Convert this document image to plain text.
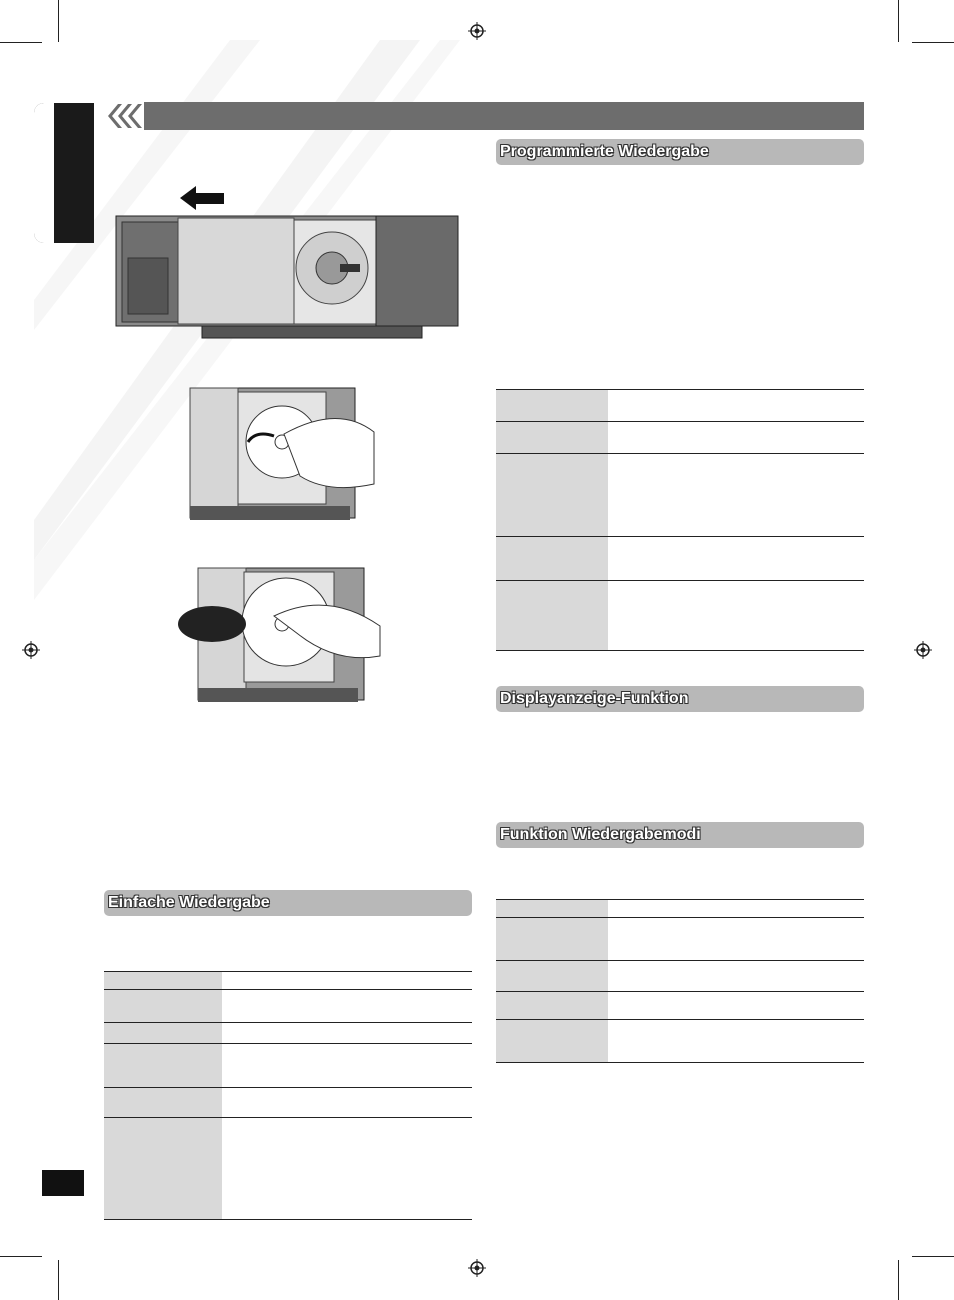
Programmierte Wiedergabe
Displayanzeige-Funktion
Funktion Wiedergabemodi
Einfache Wiedergabe
